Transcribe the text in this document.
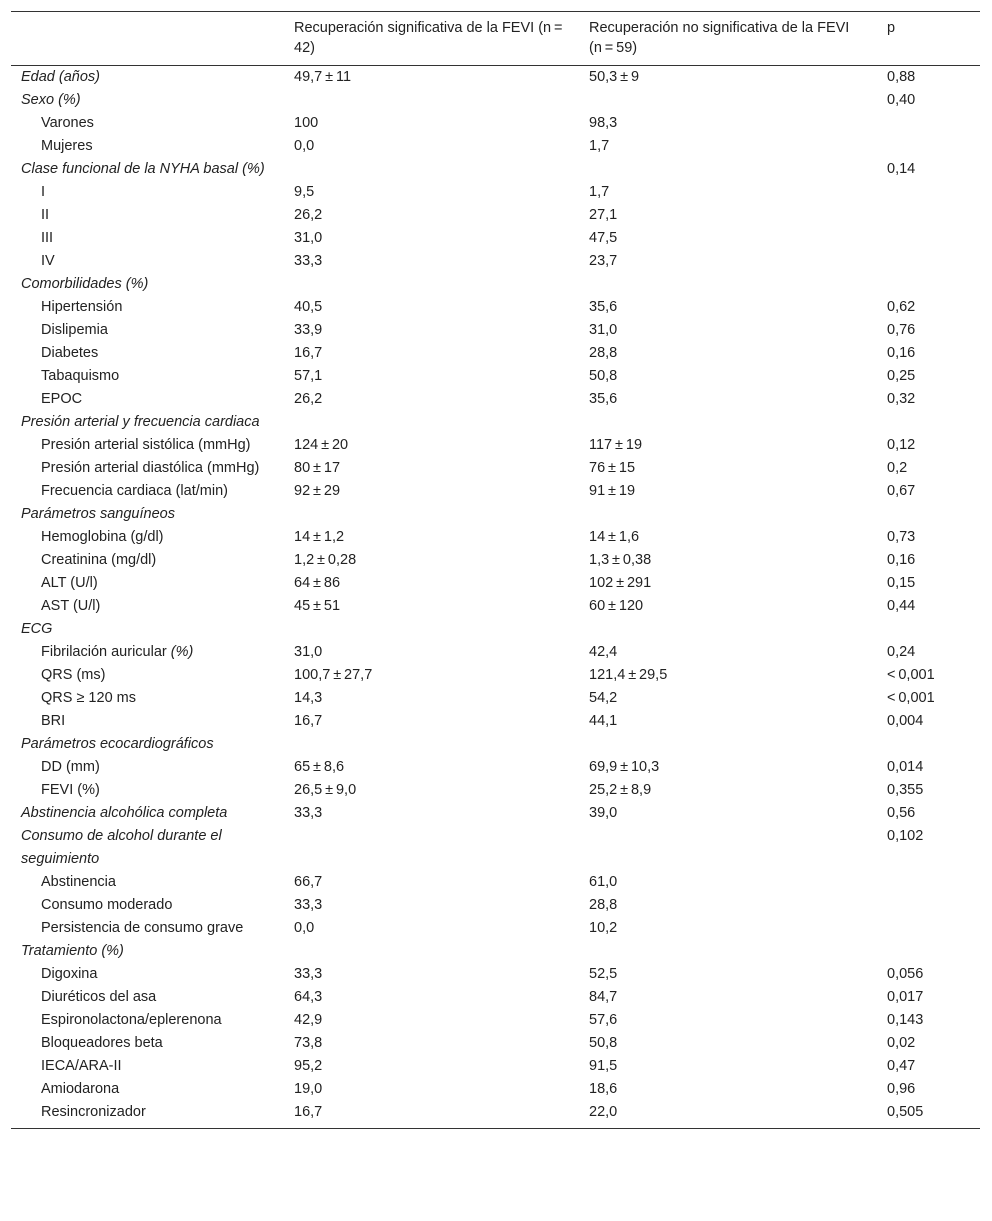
	Recuperación significativa de la FEVI (n = 42)	Recuperación no significativa de la FEVI (n = 59)	p
Edad (años)	49,7 ± 11	50,3 ± 9	0,88
Sexo (%)			0,40
Varones	100	98,3	
Mujeres	0,0	1,7	
Clase funcional de la NYHA basal (%)			0,14
I	9,5	1,7	
II	26,2	27,1	
III	31,0	47,5	
IV	33,3	23,7	
Comorbilidades (%)			
Hipertensión	40,5	35,6	0,62
Dislipemia	33,9	31,0	0,76
Diabetes	16,7	28,8	0,16
Tabaquismo	57,1	50,8	0,25
EPOC	26,2	35,6	0,32
Presión arterial y frecuencia cardiaca			
Presión arterial sistólica (mmHg)	124 ± 20	117 ± 19	0,12
Presión arterial diastólica (mmHg)	80 ± 17	76 ± 15	0,2
Frecuencia cardiaca (lat/min)	92 ± 29	91 ± 19	0,67
Parámetros sanguíneos			
Hemoglobina (g/dl)	14 ± 1,2	14 ± 1,6	0,73
Creatinina (mg/dl)	1,2 ± 0,28	1,3 ± 0,38	0,16
ALT (U/l)	64 ± 86	102 ± 291	0,15
AST (U/l)	45 ± 51	60 ± 120	0,44
ECG			
Fibrilación auricular (%)	31,0	42,4	0,24
QRS (ms)	100,7 ± 27,7	121,4 ± 29,5	< 0,001
QRS ≥ 120 ms	14,3	54,2	< 0,001
BRI	16,7	44,1	0,004
Parámetros ecocardiográficos			
DD (mm)	65 ± 8,6	69,9 ± 10,3	0,014
FEVI (%)	26,5 ± 9,0	25,2 ± 8,9	0,355
Abstinencia alcohólica completa	33,3	39,0	0,56
Consumo de alcohol durante el seguimiento			0,102
Abstinencia	66,7	61,0	
Consumo moderado	33,3	28,8	
Persistencia de consumo grave	0,0	10,2	
Tratamiento (%)			
Digoxina	33,3	52,5	0,056
Diuréticos del asa	64,3	84,7	0,017
Espironolactona/eplerenona	42,9	57,6	0,143
Bloqueadores beta	73,8	50,8	0,02
IECA/ARA-II	95,2	91,5	0,47
Amiodarona	19,0	18,6	0,96
Resincronizador	16,7	22,0	0,505
